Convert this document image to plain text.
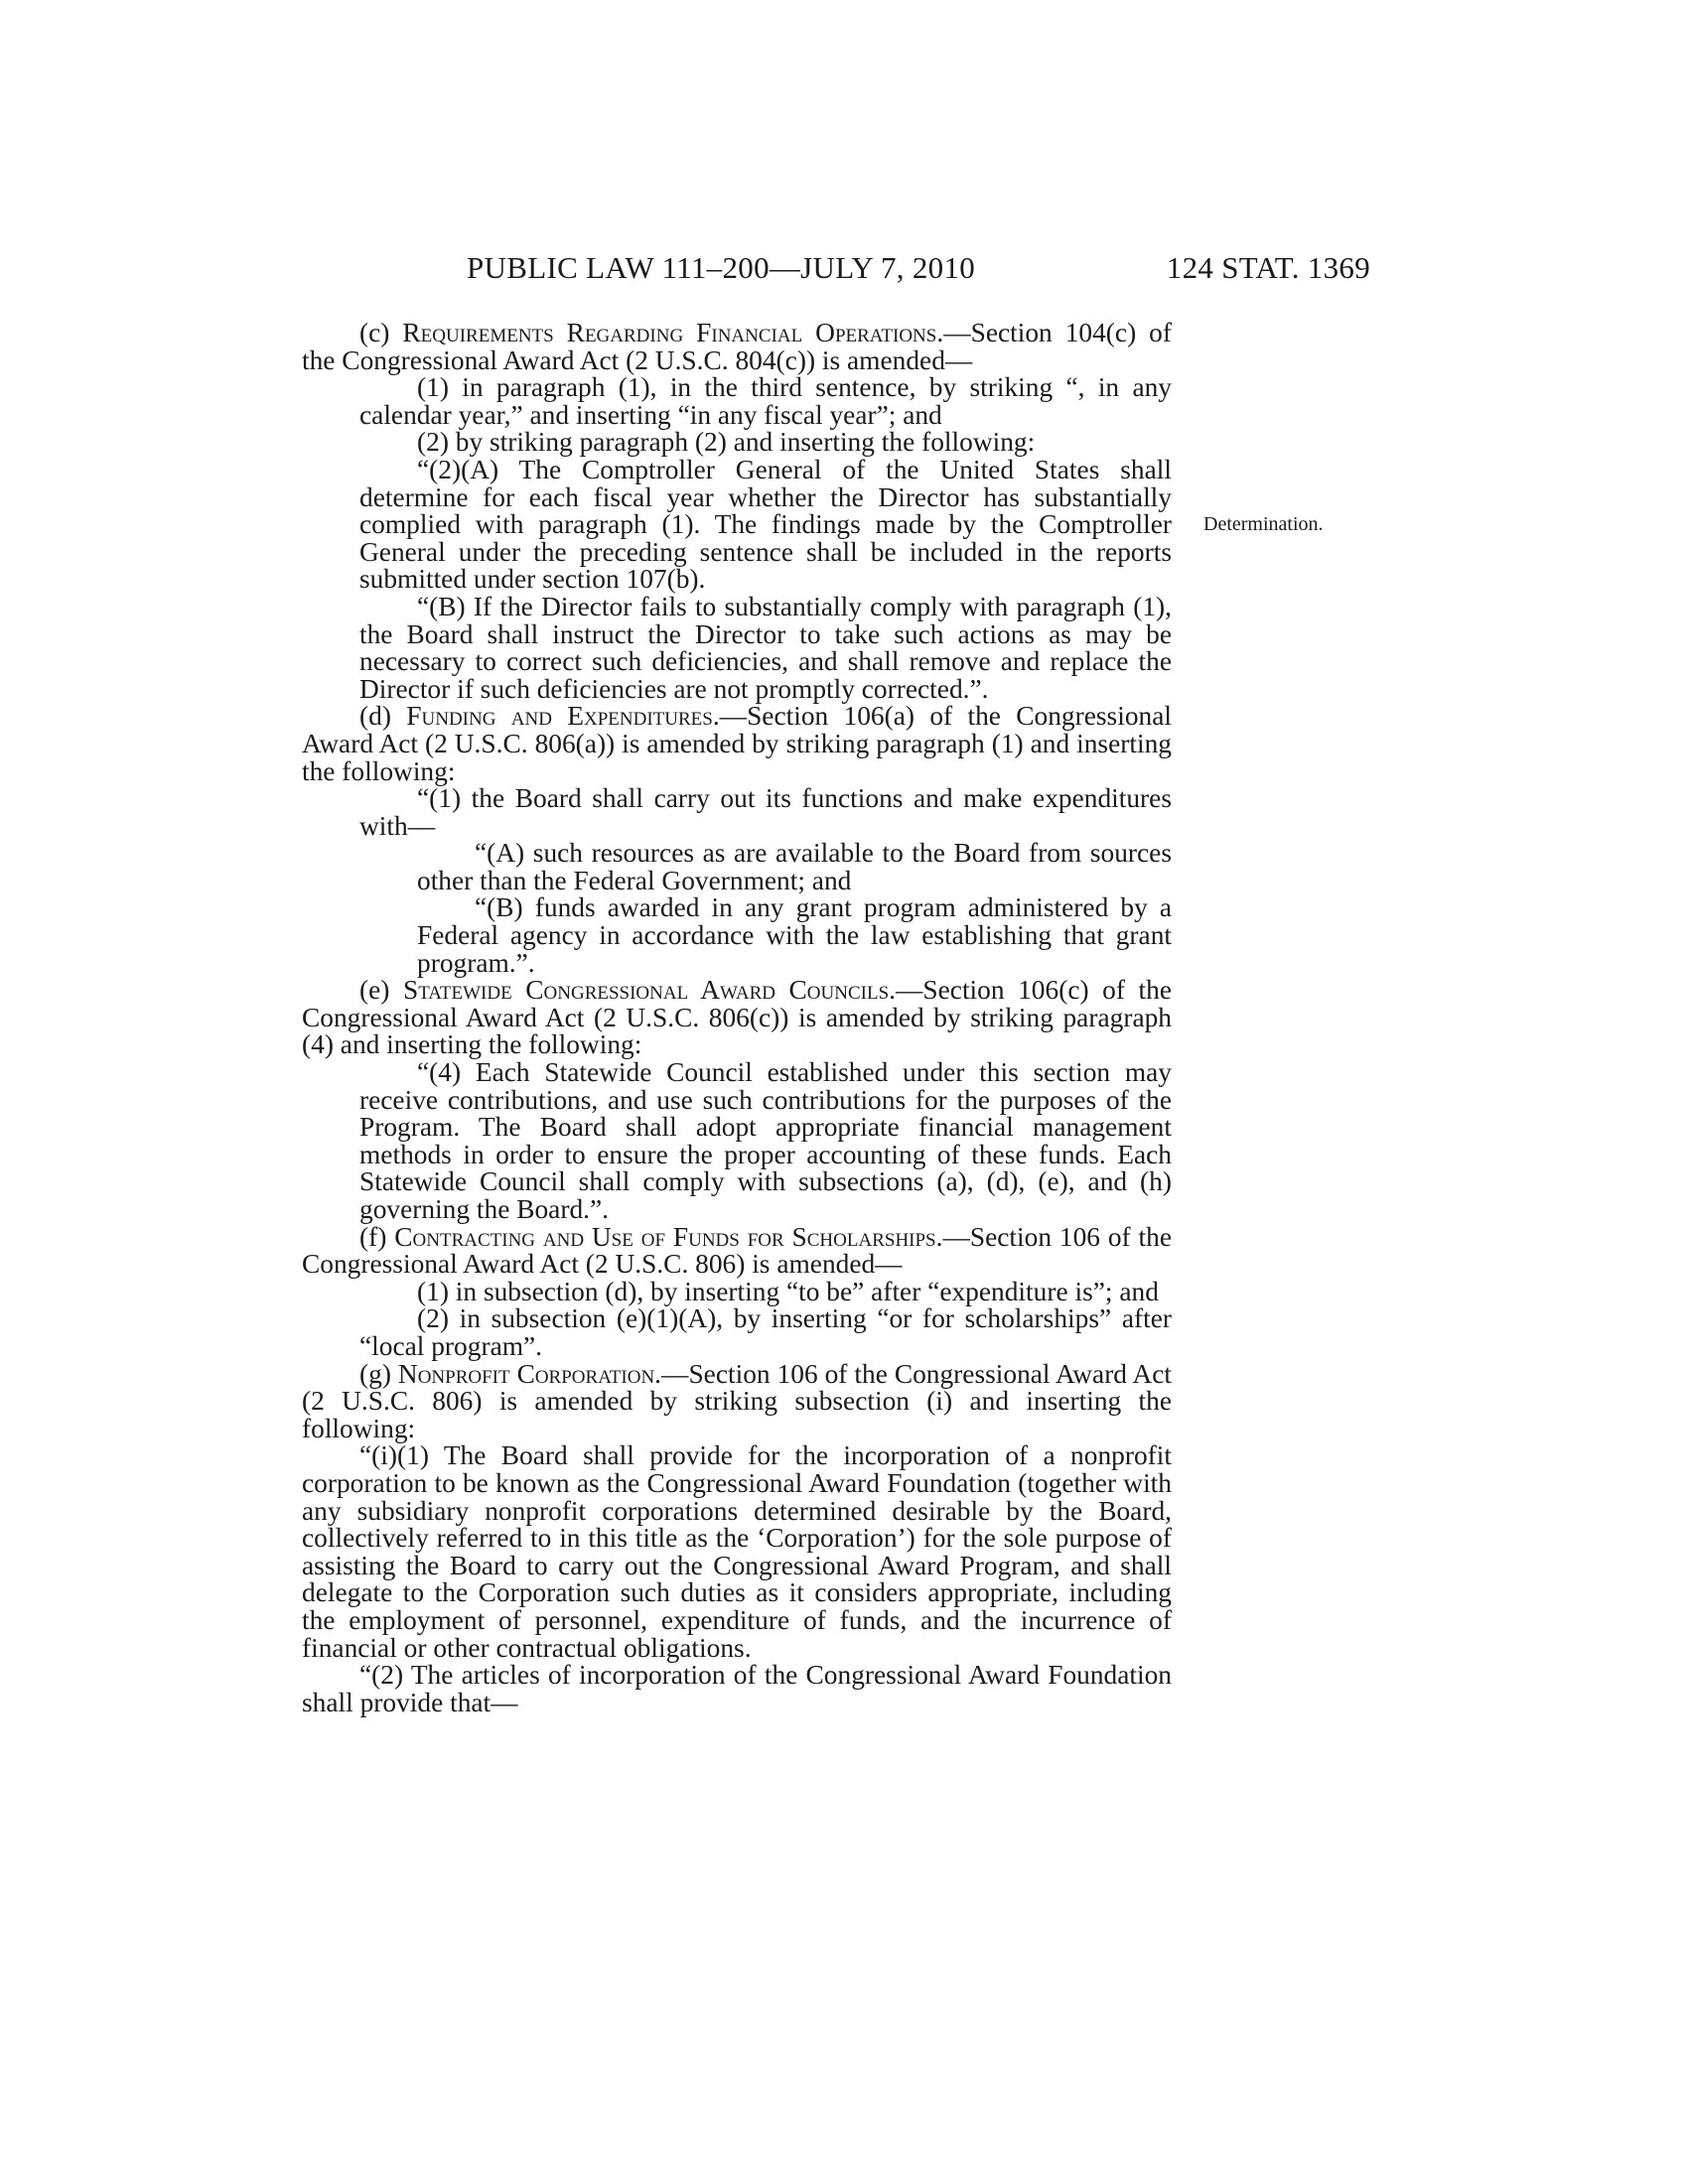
PUBLIC LAW 111–200—JULY 7, 2010	124 STAT. 1369
Determination.

(c) Requirements Regarding Financial Operations.—Section 104(c) of the Congressional Award Act (2 U.S.C. 804(c)) is amended—

(1) in paragraph (1), in the third sentence, by striking “, in any calendar year,” and inserting “in any fiscal year”; and

(2) by striking paragraph (2) and inserting the following:

“(2)(A) The Comptroller General of the United States shall determine for each fiscal year whether the Director has substantially complied with paragraph (1). The findings made by the Comptroller General under the preceding sentence shall be included in the reports submitted under section 107(b).

“(B) If the Director fails to substantially comply with paragraph (1), the Board shall instruct the Director to take such actions as may be necessary to correct such deficiencies, and shall remove and replace the Director if such deficiencies are not promptly corrected.”.

(d) Funding and Expenditures.—Section 106(a) of the Congressional Award Act (2 U.S.C. 806(a)) is amended by striking paragraph (1) and inserting the following:

“(1) the Board shall carry out its functions and make expenditures with—

“(A) such resources as are available to the Board from sources other than the Federal Government; and

“(B) funds awarded in any grant program administered by a Federal agency in accordance with the law establishing that grant program.”.

(e) Statewide Congressional Award Councils.—Section 106(c) of the Congressional Award Act (2 U.S.C. 806(c)) is amended by striking paragraph (4) and inserting the following:

“(4) Each Statewide Council established under this section may receive contributions, and use such contributions for the purposes of the Program. The Board shall adopt appropriate financial management methods in order to ensure the proper accounting of these funds. Each Statewide Council shall comply with subsections (a), (d), (e), and (h) governing the Board.”.

(f) Contracting and Use of Funds for Scholarships.—Section 106 of the Congressional Award Act (2 U.S.C. 806) is amended—

(1) in subsection (d), by inserting “to be” after “expenditure is”; and

(2) in subsection (e)(1)(A), by inserting “or for scholarships” after “local program”.

(g) Nonprofit Corporation.—Section 106 of the Congressional Award Act (2 U.S.C. 806) is amended by striking subsection (i) and inserting the following:

“(i)(1) The Board shall provide for the incorporation of a nonprofit corporation to be known as the Congressional Award Foundation (together with any subsidiary nonprofit corporations determined desirable by the Board, collectively referred to in this title as the ‘Corporation’) for the sole purpose of assisting the Board to carry out the Congressional Award Program, and shall delegate to the Corporation such duties as it considers appropriate, including the employment of personnel, expenditure of funds, and the incurrence of financial or other contractual obligations.

“(2) The articles of incorporation of the Congressional Award Foundation shall provide that—
